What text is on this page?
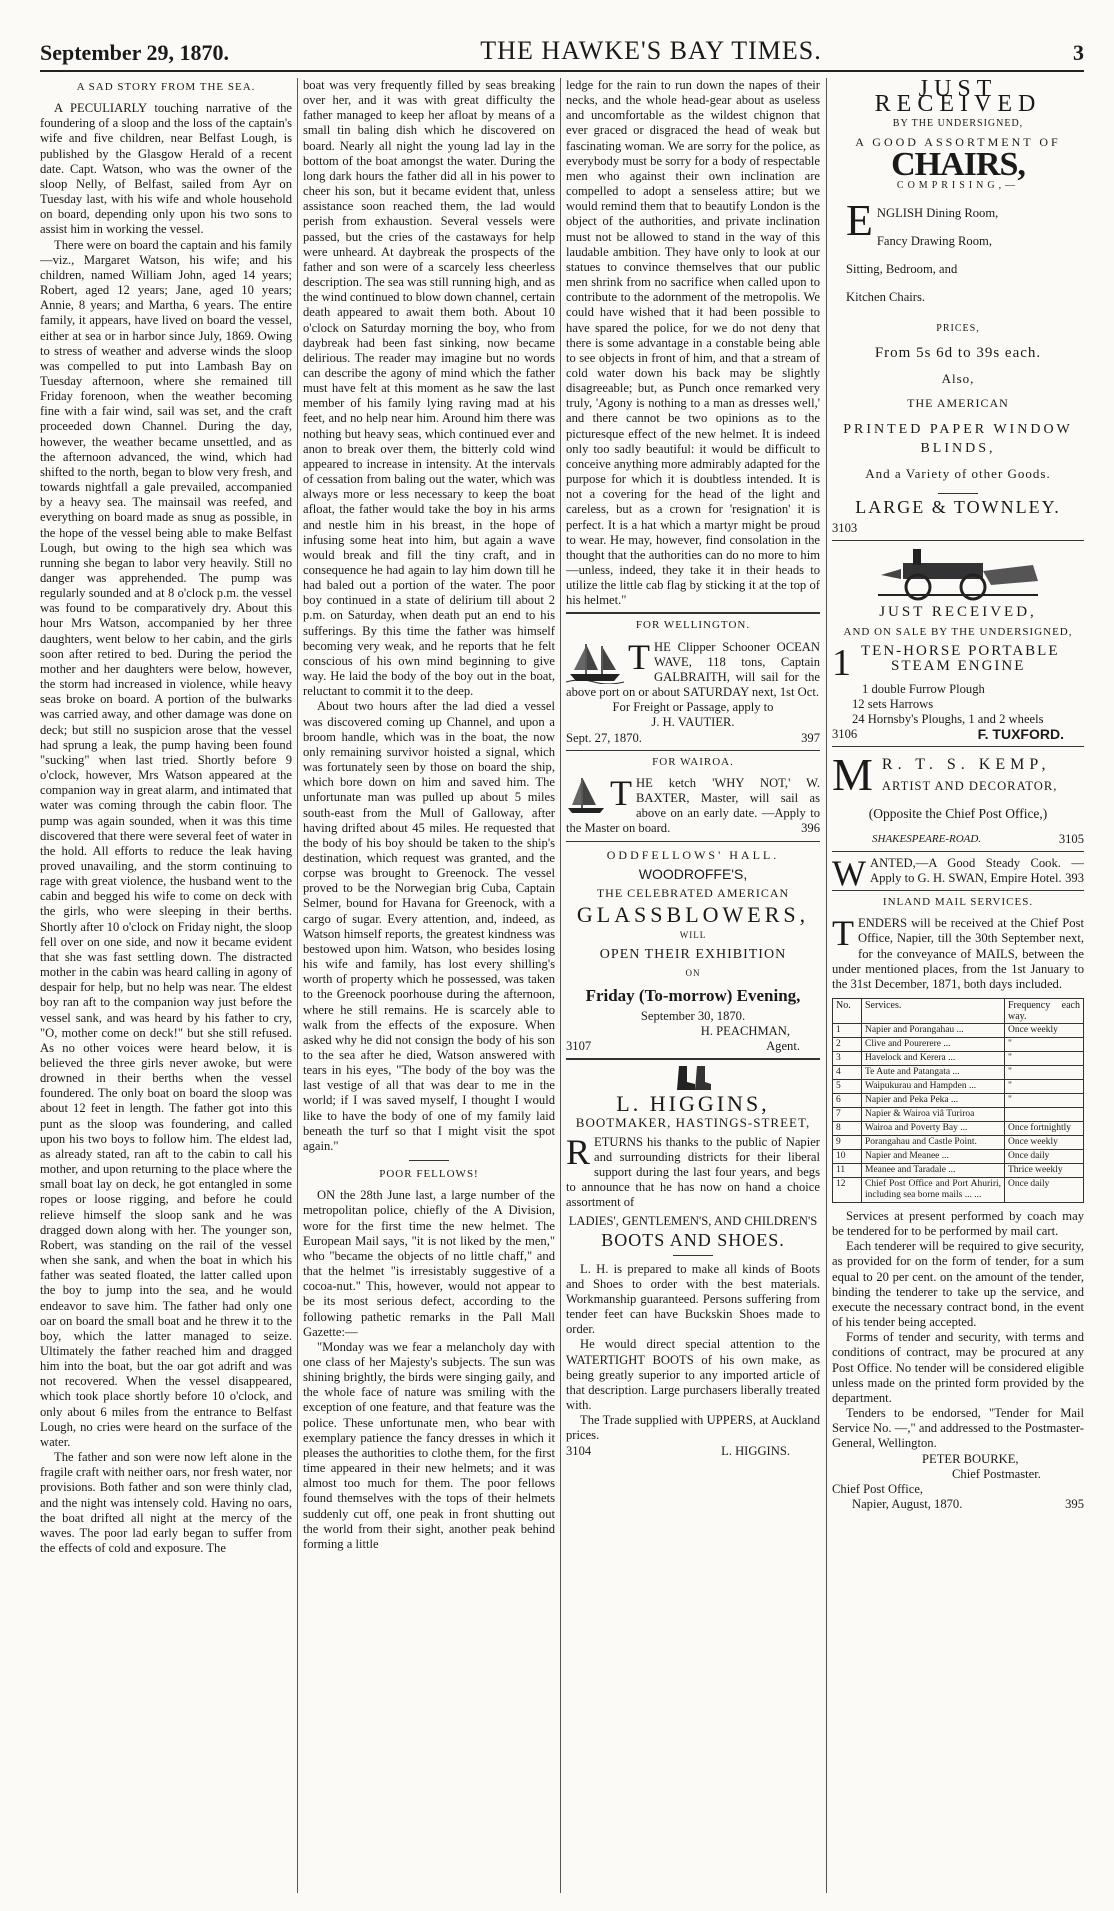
September 29, 1870.	THE HAWKE'S BAY TIMES.	3
A SAD STORY FROM THE SEA.

A PECULIARLY touching narrative of the foundering of a sloop and the loss of the captain's wife and five children, near Belfast Lough, is published by the Glasgow Herald of a recent date. Capt. Watson, who was the owner of the sloop Nelly, of Belfast, sailed from Ayr on Tuesday last, with his wife and whole household on board, depending only upon his two sons to assist him in working the vessel.

There were on board the captain and his family—viz., Margaret Watson, his wife; and his children, named William John, aged 14 years; Robert, aged 12 years; Jane, aged 10 years; Annie, 8 years; and Martha, 6 years. The entire family, it appears, have lived on board the vessel, either at sea or in harbor since July, 1869. Owing to stress of weather and adverse winds the sloop was compelled to put into Lambash Bay on Tuesday afternoon, where she remained till Friday forenoon, when the weather becoming fine with a fair wind, sail was set, and the craft proceeded down Channel. During the day, however, the weather became unsettled, and as the afternoon advanced, the wind, which had shifted to the north, began to blow very fresh, and towards nightfall a gale prevailed, accompanied by a heavy sea. The mainsail was reefed, and everything on board made as snug as possible, in the hope of the vessel being able to make Belfast Lough, but owing to the high sea which was running she began to labor very heavily. Still no danger was apprehended. The pump was regularly sounded and at 8 o'clock p.m. the vessel was found to be comparatively dry. About this hour Mrs Watson, accompanied by her three daughters, went below to her cabin, and the girls soon after retired to bed. During the period the mother and her daughters were below, however, the storm had increased in violence, while heavy seas broke on board. A portion of the bulwarks was carried away, and other damage was done on deck; but still no suspicion arose that the vessel had sprung a leak, the pump having been found "sucking" when last tried. Shortly before 9 o'clock, however, Mrs Watson appeared at the companion way in great alarm, and intimated that water was coming through the cabin floor. The pump was again sounded, when it was this time discovered that there were several feet of water in the hold. All efforts to reduce the leak having proved unavailing, and the storm continuing to rage with great violence, the husband went to the cabin and begged his wife to come on deck with the girls, who were sleeping in their berths. Shortly after 10 o'clock on Friday night, the sloop fell over on one side, and now it became evident that she was fast settling down. The distracted mother in the cabin was heard calling in agony of despair for help, but no help was near. The eldest boy ran aft to the companion way just before the vessel sank, and was heard by his father to cry, "O, mother come on deck!" but she still refused. As no other voices were heard below, it is believed the three girls never awoke, but were drowned in their berths when the vessel foundered. The only boat on board the sloop was about 12 feet in length. The father got into this punt as the sloop was foundering, and called upon his two boys to follow him. The eldest lad, as already stated, ran aft to the cabin to call his mother, and upon returning to the place where the small boat lay on deck, he got entangled in some ropes or loose rigging, and before he could relieve himself the sloop sank and he was dragged down along with her. The younger son, Robert, was standing on the rail of the vessel when she sank, and when the boat in which his father was seated floated, the latter called upon the boy to jump into the sea, and he would endeavor to save him. The father had only one oar on board the small boat and he threw it to the boy, which the latter managed to seize. Ultimately the father reached him and dragged him into the boat, but the oar got adrift and was not recovered. When the vessel disappeared, which took place shortly before 10 o'clock, and only about 6 miles from the entrance to Belfast Lough, no cries were heard on the surface of the water.

The father and son were now left alone in the fragile craft with neither oars, nor fresh water, nor provisions. Both father and son were thinly clad, and the night was intensely cold. Having no oars, the boat drifted all night at the mercy of the waves. The poor lad early began to suffer from the effects of cold and exposure. The

boat was very frequently filled by seas breaking over her, and it was with great difficulty the father managed to keep her afloat by means of a small tin baling dish which he discovered on board. Nearly all night the young lad lay in the bottom of the boat amongst the water. During the long dark hours the father did all in his power to cheer his son, but it became evident that, unless assistance soon reached them, the lad would perish from exhaustion. Several vessels were passed, but the cries of the castaways for help were unheard. At daybreak the prospects of the father and son were of a scarcely less cheerless description. The sea was still running high, and as the wind continued to blow down channel, certain death appeared to await them both. About 10 o'clock on Saturday morning the boy, who from daybreak had been fast sinking, now became delirious. The reader may imagine but no words can describe the agony of mind which the father must have felt at this moment as he saw the last member of his family lying raving mad at his feet, and no help near him. Around him there was nothing but heavy seas, which continued ever and anon to break over them, the bitterly cold wind appeared to increase in intensity. At the intervals of cessation from baling out the water, which was always more or less necessary to keep the boat afloat, the father would take the boy in his arms and nestle him in his breast, in the hope of infusing some heat into him, but again a wave would break and fill the tiny craft, and in consequence he had again to lay him down till he had baled out a portion of the water. The poor boy continued in a state of delirium till about 2 p.m. on Saturday, when death put an end to his sufferings. By this time the father was himself becoming very weak, and he reports that he felt conscious of his own mind beginning to give way. He laid the body of the boy out in the boat, reluctant to commit it to the deep.

About two hours after the lad died a vessel was discovered coming up Channel, and upon a broom handle, which was in the boat, the now only remaining survivor hoisted a signal, which was fortunately seen by those on board the ship, which bore down on him and saved him. The unfortunate man was pulled up about 5 miles south-east from the Mull of Galloway, after having drifted about 45 miles. He requested that the body of his boy should be taken to the ship's destination, which request was granted, and the corpse was brought to Greenock. The vessel proved to be the Norwegian brig Cuba, Captain Selmer, bound for Havana for Greenock, with a cargo of sugar. Every attention, and, indeed, as Watson himself reports, the greatest kindness was bestowed upon him. Watson, who besides losing his wife and family, has lost every shilling's worth of property which he possessed, was taken to the Greenock poorhouse during the afternoon, where he still remains. He is scarcely able to walk from the effects of the exposure. When asked why he did not consign the body of his son to the sea after he died, Watson answered with tears in his eyes, "The body of the boy was the last vestige of all that was dear to me in the world; if I was saved myself, I thought I would like to have the body of one of my family laid beneath the turf so that I might visit the spot again."

POOR FELLOWS!

ON the 28th June last, a large number of the metropolitan police, chiefly of the A Division, wore for the first time the new helmet. The European Mail says, "it is not liked by the men," who "became the objects of no little chaff," and that the helmet "is irresistably suggestive of a cocoa-nut." This, however, would not appear to be its most serious defect, according to the following pathetic remarks in the Pall Mall Gazette:—

"Monday was we fear a melancholy day with one class of her Majesty's subjects. The sun was shining brightly, the birds were singing gaily, and the whole face of nature was smiling with the exception of one feature, and that feature was the police. These unfortunate men, who bear with exemplary patience the fancy dresses in which it pleases the authorities to clothe them, for the first time appeared in their new helmets; and it was almost too much for them. The poor fellows found themselves with the tops of their helmets suddenly cut off, one peak in front shutting out the world from their sight, another peak behind forming a little

ledge for the rain to run down the napes of their necks, and the whole head-gear about as useless and uncomfortable as the wildest chignon that ever graced or disgraced the head of weak but fascinating woman. We are sorry for the police, as everybody must be sorry for a body of respectable men who against their own inclination are compelled to adopt a senseless attire; but we would remind them that to beautify London is the object of the authorities, and private inclination must not be allowed to stand in the way of this laudable ambition. They have only to look at our statues to convince themselves that our public men shrink from no sacrifice when called upon to contribute to the adornment of the metropolis. We could have wished that it had been possible to have spared the police, for we do not deny that there is some advantage in a constable being able to see objects in front of him, and that a stream of cold water down his back may be slightly disagreeable; but, as Punch once remarked very truly, 'Agony is nothing to a man as dresses well,' and there cannot be two opinions as to the picturesque effect of the new helmet. It is indeed only too sadly beautiful: it would be difficult to conceive anything more admirably adapted for the purpose for which it is doubtless intended. It is not a covering for the head of the light and careless, but as a crown for 'resignation' it is perfect. It is a hat which a martyr might be proud to wear. He may, however, find consolation in the thought that the authorities can do no more to him—unless, indeed, they take it in their heads to utilize the little cab flag by sticking it at the top of his helmet."

FOR WELLINGTON.

THE Clipper Schooner OCEAN WAVE, 118 tons, Captain GALBRAITH, will sail for the above port on or about SATURDAY next, 1st Oct.

For Freight or Passage, apply to

J. H. VAUTIER.

Sept. 27, 1870.	397
FOR WAIROA.

THE ketch 'WHY NOT,' W. BAXTER, Master, will sail as above on an early date. —Apply to the Master on board.	396

ODDFELLOWS' HALL.
WOODROFFE'S,
THE CELEBRATED AMERICAN
GLASSBLOWERS,
WILL
OPEN THEIR EXHIBITION
ON
Friday (To-morrow) Evening,

September 30, 1870.

H. PEACHMAN,

3107	Agent.
L. HIGGINS,
BOOTMAKER, HASTINGS-STREET,

RETURNS his thanks to the public of Napier and surrounding districts for their liberal support during the last four years, and begs to announce that he has now on hand a choice assortment of

LADIES', GENTLEMEN'S, AND CHILDREN'S

BOOTS AND SHOES.

L. H. is prepared to make all kinds of Boots and Shoes to order with the best materials. Workmanship guaranteed. Persons suffering from tender feet can have Buckskin Shoes made to order.

He would direct special attention to the WATERTIGHT BOOTS of his own make, as being greatly superior to any imported article of that description. Large purchasers liberally treated with.

The Trade supplied with UPPERS, at Auckland prices.

3104	L. HIGGINS.
JUST RECEIVED
BY THE UNDERSIGNED,
A GOOD ASSORTMENT OF
CHAIRS,
COMPRISING,—

ENGLISH Dining Room,

Fancy Drawing Room,

Sitting, Bedroom, and

Kitchen Chairs.

PRICES,
From 5s 6d to 39s each.
Also,
THE AMERICAN
PRINTED PAPER WINDOW
BLINDS,
And a Variety of other Goods.
LARGE & TOWNLEY.

3103

JUST RECEIVED,
AND ON SALE BY THE UNDERSIGNED,
1 TEN-HORSE PORTABLE
STEAM ENGINE

1 double Furrow Plough

12 sets Harrows

24 Hornsby's Ploughs, 1 and 2 wheels

3106	F. TUXFORD.

M R. T. S. KEMP,

ARTIST AND DECORATOR,

(Opposite the Chief Post Office,)

SHAKESPEARE-ROAD.	3105

WANTED,—A Good Steady Cook. —Apply to G. H. SWAN, Empire Hotel. 393

INLAND MAIL SERVICES.

TENDERS will be received at the Chief Post Office, Napier, till the 30th September next, for the conveyance of MAILS, between the under mentioned places, from the 1st January to the 31st December, 1871, both days included.

No.	Services.	Frequency each way.
1	Napier and Porangahau ...	Once weekly
2	Clive and Pourerere ...	"
3	Havelock and Kerera ...	"
4	Te Aute and Patangata ...	"
5	Waipukurau and Hampden ...	"
6	Napier and Peka Peka ...	"
7	Napier & Wairoa viâ Turiroa	
8	Wairoa and Poverty Bay ...	Once fortnightly
9	Porangahau and Castle Point.	Once weekly
10	Napier and Meanee ...	Once daily
11	Meanee and Taradale ...	Thrice weekly
12	Chief Post Office and Port Ahuriri, including sea borne mails ... ...	Once daily

Services at present performed by coach may be tendered for to be performed by mail cart.

Each tenderer will be required to give security, as provided for on the form of tender, for a sum equal to 20 per cent. on the amount of the tender, binding the tenderer to take up the service, and execute the necessary contract bond, in the event of his tender being accepted.

Forms of tender and security, with terms and conditions of contract, may be procured at any Post Office. No tender will be considered eligible unless made on the printed form provided by the department.

Tenders to be endorsed, "Tender for Mail Service No. —," and addressed to the Postmaster-General, Wellington.

PETER BOURKE,

Chief Postmaster.

Chief Post Office,

Napier, August, 1870.	395
